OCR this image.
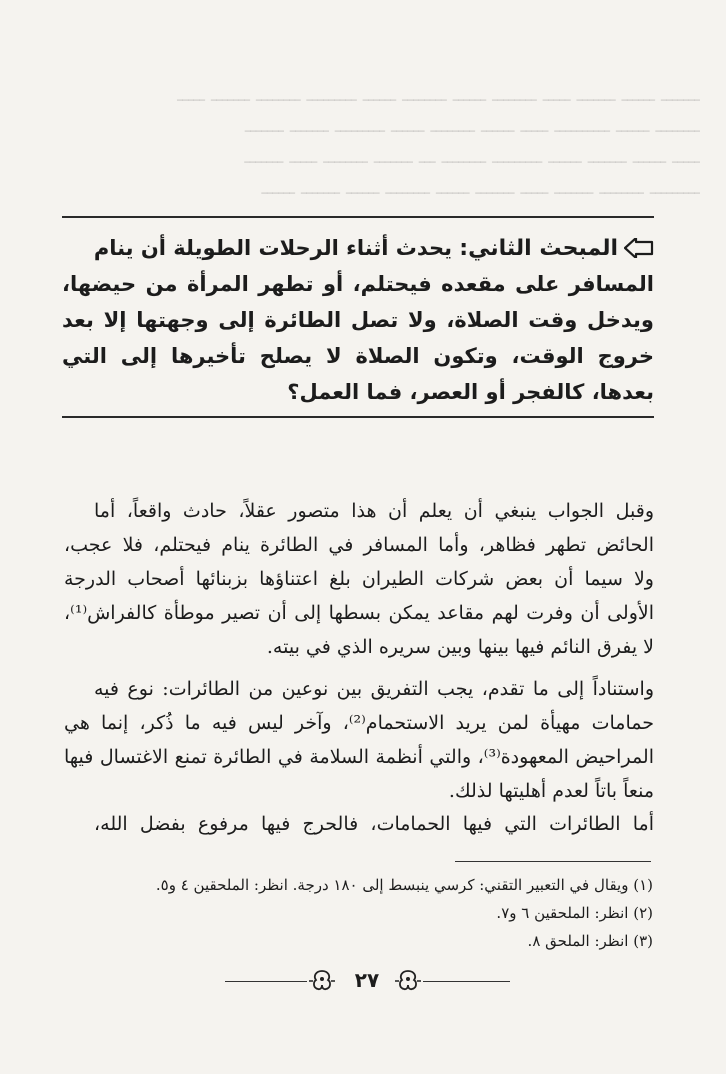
ـــــــ ــــــ ـــــــ ـــــ ــــــــ ــــــ ــــــــ ــــــ ـــــــــ ــــــــ ـــــــ ـــــ
ــــــــ ــــــ ــــــــــ ـــــ ــــــ ــــــــ ــــــ ـــــــــ ـــــــ ـــــــ
ـــــ ــــــ ـــــــ ــــــ ـــــــــ ــــــــ ـــ ـــــــ ــــــــ ـــــ ـــــــ
ـــــــــ ــــــــ ـــــــ ـــــ ـــــــ ــــــ ــــــــ ــــــ ـــــــ ــــــ
المبحث الثاني: يحدث أثناء الرحلات الطويلة أن ينام
المسافر على مقعده فيحتلم، أو تطهر المرأة من حيضها،
ويدخل وقت الصلاة، ولا تصل الطائرة إلى وجهتها إلا بعد
خروج الوقت، وتكون الصلاة لا يصلح تأخيرها إلى التي
بعدها، كالفجر أو العصر، فما العمل؟
وقبل الجواب ينبغي أن يعلم أن هذا متصور عقلاً، حادث واقعاً، أما
الحائض تطهر فظاهر، وأما المسافر في الطائرة ينام فيحتلم، فلا عجب،
ولا سيما أن بعض شركات الطيران بلغ اعتناؤها بزبنائها أصحاب الدرجة
الأولى أن وفرت لهم مقاعد يمكن بسطها إلى أن تصير موطأة كالفراش⁽¹⁾،
لا يفرق النائم فيها بينها وبين سريره الذي في بيته.
واستناداً إلى ما تقدم، يجب التفريق بين نوعين من الطائرات: نوع فيه
حمامات مهيأة لمن يريد الاستحمام⁽²⁾، وآخر ليس فيه ما ذُكر، إنما هي
المراحيض المعهودة⁽³⁾، والتي أنظمة السلامة في الطائرة تمنع الاغتسال فيها
منعاً باتاً لعدم أهليتها لذلك.
أما الطائرات التي فيها الحمامات، فالحرج فيها مرفوع بفضل الله،
(١) ويقال في التعبير التقني: كرسي ينبسط إلى ١٨٠ درجة. انظر: الملحقين ٤ و٥.
(٢) انظر: الملحقين ٦ و٧.
(٣) انظر: الملحق ٨.
٢٧
